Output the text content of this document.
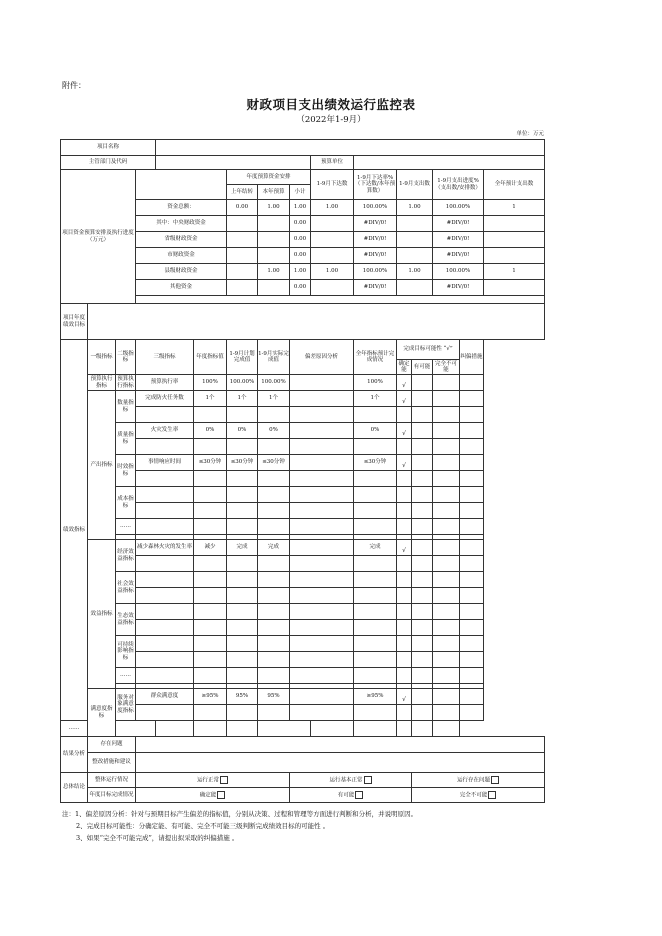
附件：
财政项目支出绩效运行监控表
（2022年1-9月）
单位：万元
项目名称															
主管部门及代码									预算单位						
项目资金预算安排及执行进度（万元）						年度预算资金安排			1-9月下达数	1-9月下达率%（下达数/本年预算数）	1-9月支出数		1-9月支出进度%（支出数/安排数）		全年预计支出数
						上年结转	本年预算	小计							
			资金总额：			0.00	1.00	1.00	1.00	100.00%	1.00		100.00%		1
			其中：中央财政资金					0.00		#DIV/0!			#DIV/0!		
			省级财政资金					0.00		#DIV/0!			#DIV/0!		
			市财政资金					0.00		#DIV/0!			#DIV/0!		
			县级财政资金				1.00	1.00	1.00	100.00%	1.00		100.00%		1
			其他资金					0.00		#DIV/0!			#DIV/0!		

项目年度绩效目标															
绩效指标	一级指标	二级指标	三级指标		年度指标值	1-9月计划完成值	1-9月实际完成值	偏差原因分析		全年指标预计完成情况	完成目标可能性 “√”			纠偏措施	
											确定能	有可能	完全不可能		
	预算执行指标	预算执行指标	预算执行率		100%	100.00%	100.00%			100%	√				
	产出指标	数量指标	完成防火任务数		1个	1个	1个			1个	√				

		质量指标	火灾发生率		0%	0%	0%			0%	√				

		时效指标	事情响应时间		≤30分钟	≤30分钟	≤30分钟			≤30分钟	√				

		成本指标													

		……													

	效益指标	经济效益指标	减少森林火灾的发生率		减少	完成	完成			完成	√				

		社会效益指标													

		生态效益指标													

		可持续影响指标													

		……													

	满意度指标	服务对象满意度指标	群众满意度		≥95%	95%	95%			≥95%	√				

……															
结果分析	存在问题														
	整改措施和建议														
总体结论	整体运行情况		运行正常					运行基本正常				运行存在问题			
	年度目标完成情况		确定能					有可能				完全不可能			
注：1、偏差原因分析：针对与预期目标产生偏差的指标值，分别从决策、过程和管理等方面进行判断和分析，并说明原因。
2、完成目标可能性：分确定能、有可能、完全不可能三级判断完成绩效目标的可能性 。
3、如果“完全不可能完成”，请提出拟采取的纠偏措施 。
